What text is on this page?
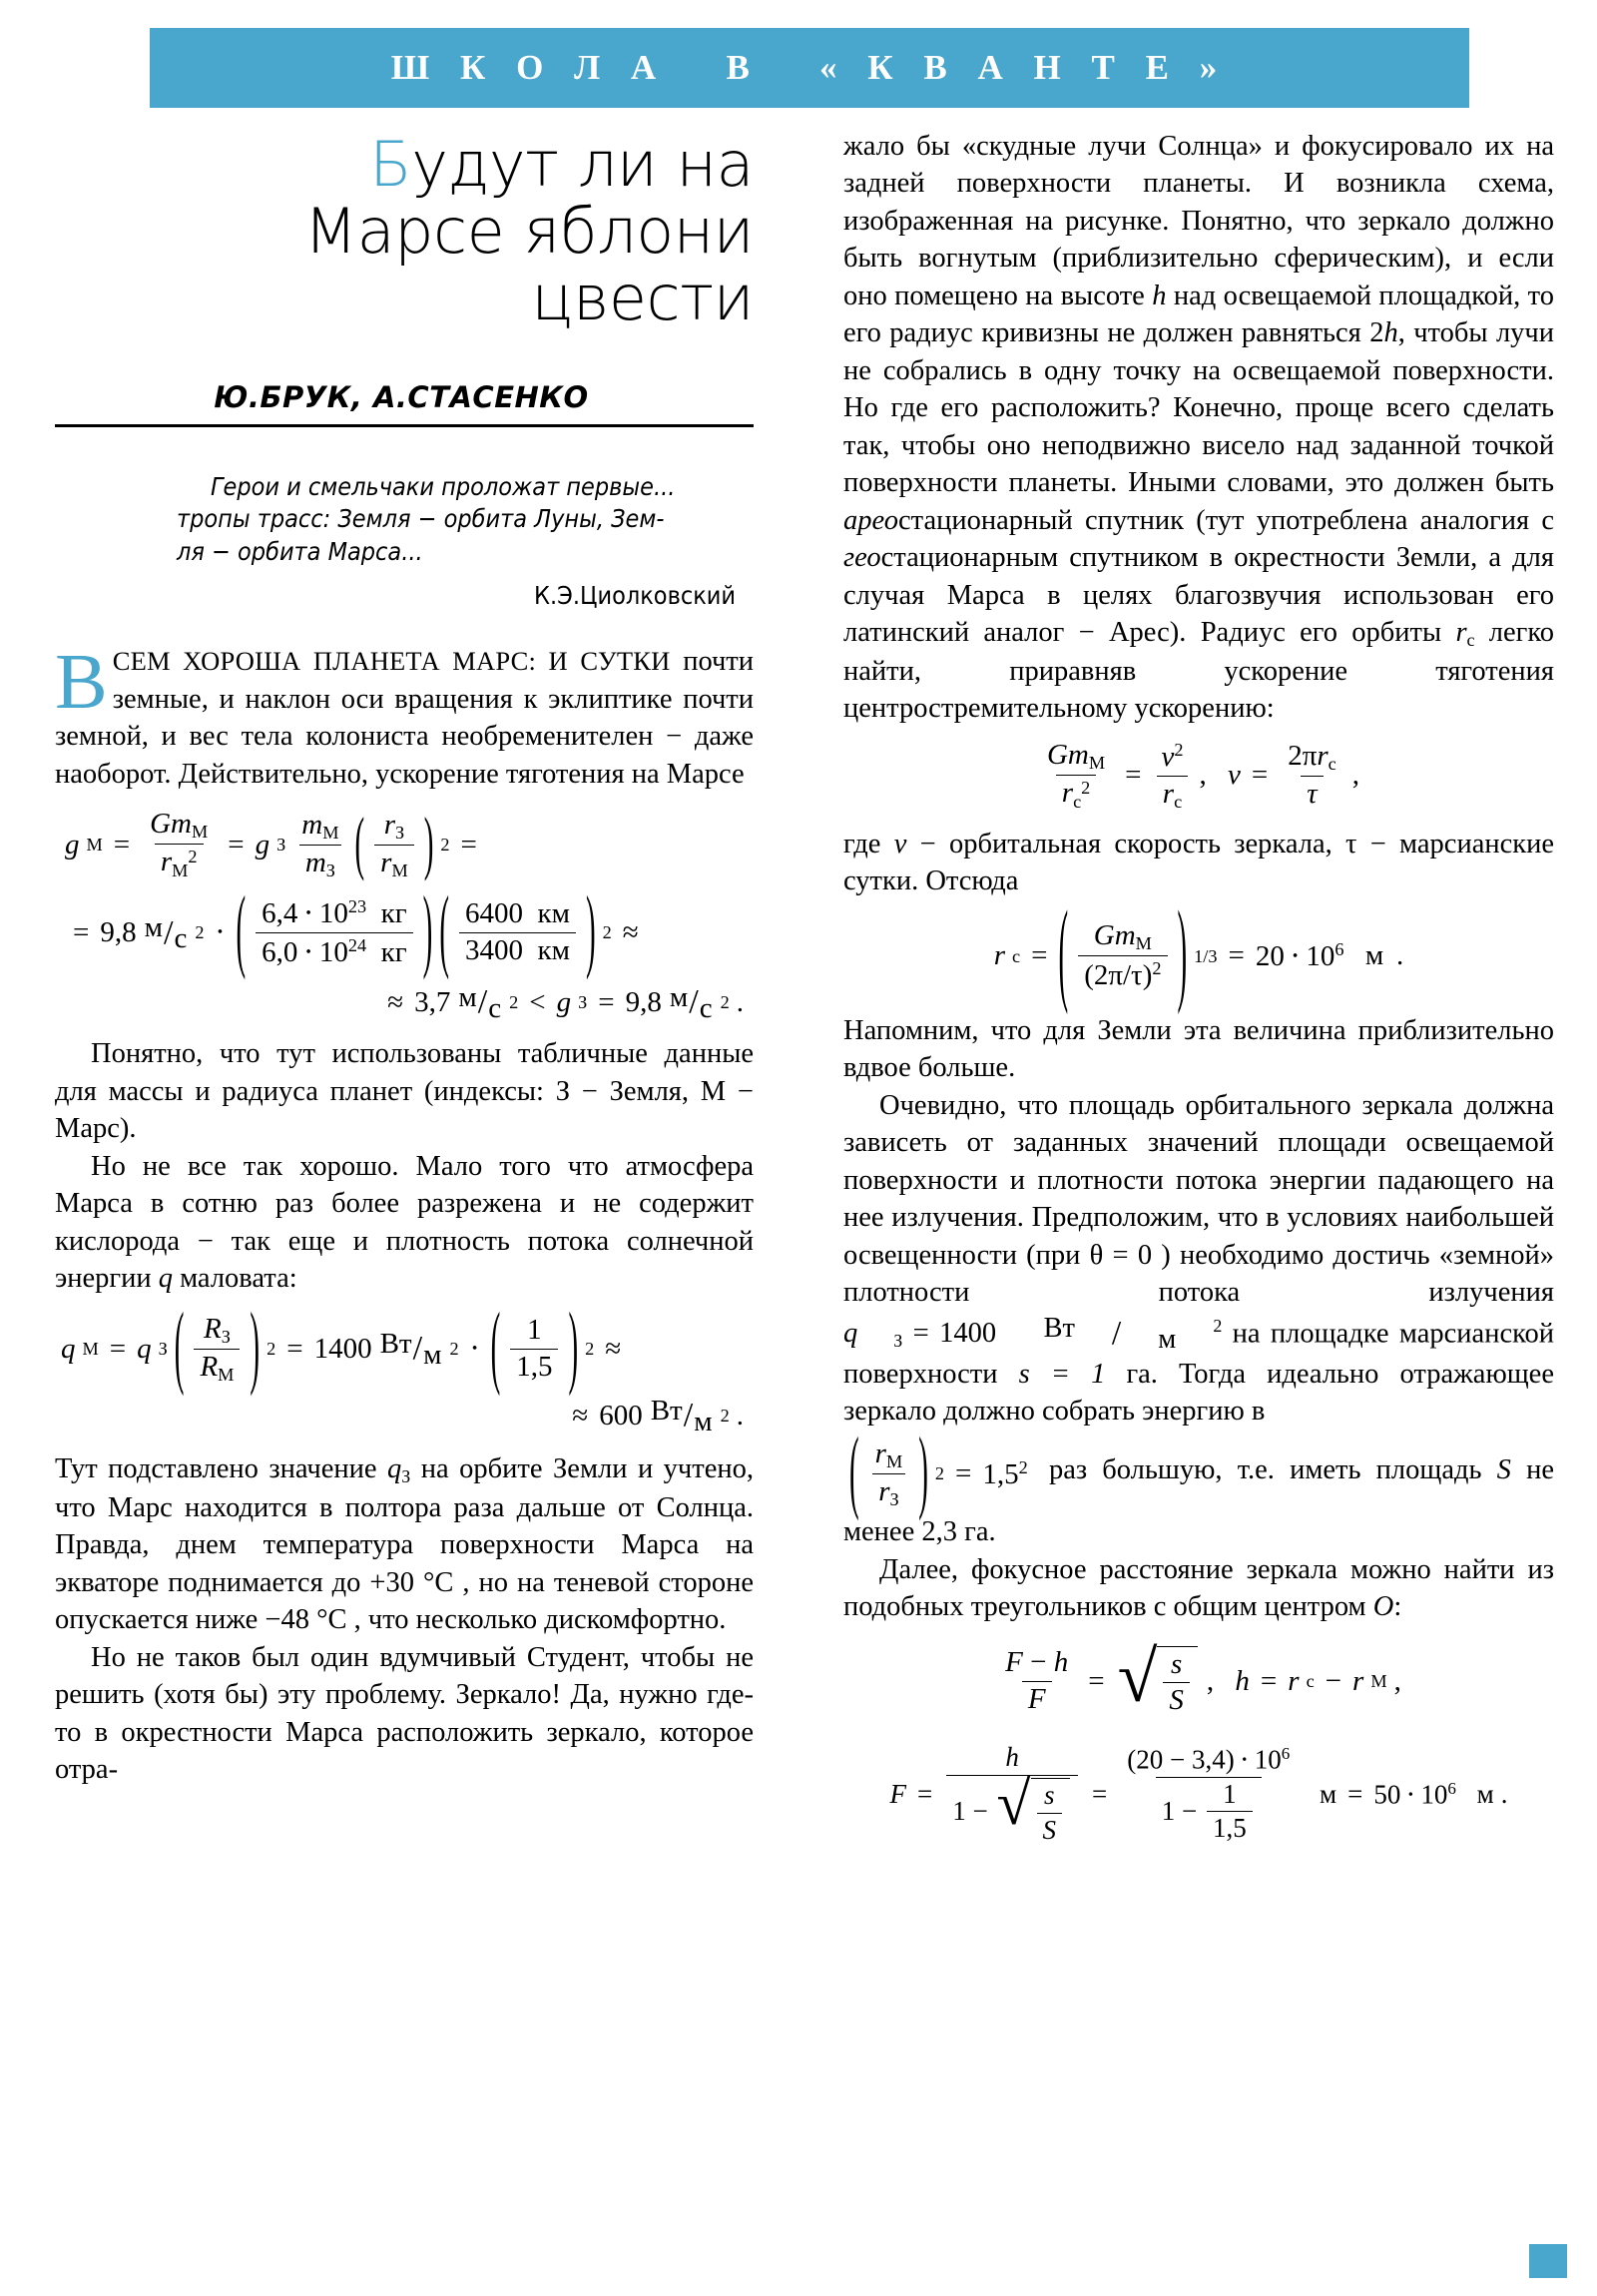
Ш К О Л А   В   « К В А Н Т Е »
Будут ли на
Марсе яблони
цвести
Ю.БРУК, А.СТАСЕНКО
Герои и смельчаки проложат первые...
тропы трасс: Земля − орбита Луны, Зем-
ля − орбита Марса...
К.Э.Циолковский

ВСЕМ ХОРОША ПЛАНЕТА МАРС: И СУТКИ почти земные, и наклон оси вращения к эклиптике почти земной, и вес тела колониста необременителен − даже наоборот. Действительно, ускорение тяготения на Марсе

g $М = \frac{\text{GmМ}}{rМ2} = g$ З $\frac{mМ}{mЗ}$ ( $\frac{rЗ}{rМ}$ ) 2 =
= 9,8 м / с 2 ⋅ ( $\frac{6,4 \cdot 1023 кг}{6,0 \cdot 1024 кг}$ ) ( $\frac{6400 км}{3400 км}$ ) 2 ≈
≈ 3,7 м / с 2 < g З = 9,8 м / с 2 .

Понятно, что тут использованы табличные данные для массы и радиуса планет (индексы: З − Земля, М − Марс).

Но не все так хорошо. Мало того что атмосфера Марса в сотню раз более разрежена и не содержит кислорода − так еще и плотность потока солнечной энергии q маловата:

q М = q З ( $\frac{RЗ}{RМ}$ ) 2 = 1400 Вт / м 2 ⋅ ( $\frac{1}{1,5}$ ) 2 ≈
≈ 600 Вт / м 2 .

Тут подставлено значение qЗ на орбите Земли и учтено, что Марс находится в полтора раза дальше от Солнца. Правда, днем температура поверхности Марса на экваторе поднимается до +30 °C , но на теневой стороне опускается ниже −48 °C , что несколько дискомфортно.

Но не таков был один вдумчивый Студент, чтобы не решить (хотя бы) эту проблему. Зеркало! Да, нужно где-то в окрестности Марса расположить зеркало, которое отра-

жало бы «скудные лучи Солнца» и фокусировало их на задней поверхности планеты. И возникла схема, изображенная на рисунке. Понятно, что зеркало должно быть вогнутым (приблизительно сферическим), и если оно помещено на высоте h над освещаемой площадкой, то его радиус кривизны не должен равняться 2h, чтобы лучи не собрались в одну точку на освещаемой поверхности. Но где его расположить? Конечно, проще всего сделать так, чтобы оно неподвижно висело над заданной точкой поверхности планеты. Иными словами, это должен быть ареостационарный спутник (тут употреблена аналогия с геостационарным спутником в окрестности Земли, а для случая Марса в целях благозвучия использован его латинский аналог − Арес). Радиус его орбиты rс легко найти, приравняв ускорение тяготения центростремительному ускорению:

$\frac{\text{GmМ}}{rс2} = \frac{v2}{rс}$ ,
$v = \frac{\text{2πrс}}{\tau}$ ,

где v − орбитальная скорость зеркала, τ − марсианские сутки. Отсюда

r с = ( $\frac{\text{GmМ}}{(2\pi/\tau)2}$ ) 1/3 = 20 ⋅ 106
м  .

Напомним, что для Земли эта величина приблизительно вдвое больше.

Очевидно, что площадь орбитального зеркала должна зависеть от заданных значений площади освещаемой поверхности и плотности потока энергии падающего на нее излучения. Предположим, что в условиях наибольшей освещенности (при θ = 0 ) необходимо достичь «земной» плотности потока излучения q З = 1400	Вт	/	м 2 на площадке марсианской поверхности s = 1 га. Тогда идеально отражающее зеркало должно собрать энергию в

( $\frac{rМ}{rЗ}$ ) 2 = 1,52 раз большую, т.е. иметь площадь S не менее 2,3 га.

Далее, фокусное расстояние зеркала можно найти из подобных треугольников с общим центром O:

$\frac{F - h}{F}$ = √ $\frac{s}{S}$ ,
h = r с − r М ,
$F = \frac{h}{1 - √ \frac{s}{S}} = \frac{(20 - 3,4) \cdot 106}{1 - \frac{1}{1,5}}$
м = 50 ⋅ 106
м .
